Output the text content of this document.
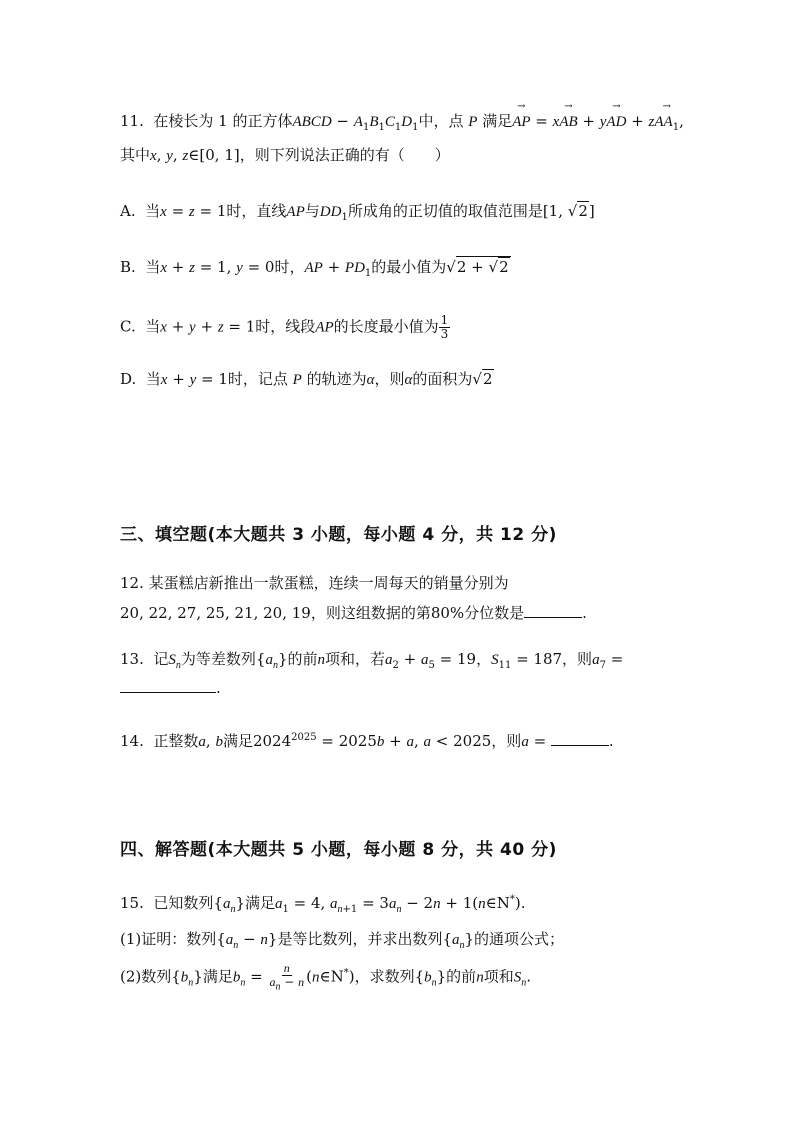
11.  在棱长为 1 的正方体ABCD − $A_1B_1C_1D_1$中，点 P 满足→ AP = x→ AB + y→ AD + $z\to AA_1$,
其中x, y, z∈[0, 1]，则下列说法正确的有（　　）
A.  当x = z = 1时，直线AP与$DD_1$所成角的正切值的取值范围是[1, √2]
B.  当x + z = 1, y = 0时，AP + $PD_1$的最小值为√2 + √2
C.  当x + y + z = 1时，线段AP的长度最小值为 $\frac{1}{3}$
D.  当x + y = 1时，记点 P 的轨迹为α，则α的面积为√2
三、填空题(本大题共 3 小题，每小题 4 分，共 12 分)
12. 某蛋糕店新推出一款蛋糕，连续一周每天的销量分别为
20, 22, 27, 25, 21, 20, 19，则这组数据的第80%分位数是	.
13.  记$S_n$为等差数列$\{a_n\}$的前n项和，若$a_2 + a_5 = 19$，$S_{11} = 187$，则$a_7$ =
.
14.  正整数a, b满足$2024^{2025} = 2025b + a$, a < 2025，则a =	.
四、解答题(本大题共 5 小题，每小题 8 分，共 40 分)
15.  已知数列$\{a_n\}$满足$a_1 = 4$, $a_{n+1} = 3a_n - 2n$ + 1(n∈N*).
(1)证明：数列$\{a_n - n\}$是等比数列，并求出数列$\{a_n\}$的通项公式；
(2)数列$\{b_n\}$满足$b_n = \frac{n}{a_n - n}$ (n∈N*)，求数列$\{b_n\}$的前n项和$S_n$.
